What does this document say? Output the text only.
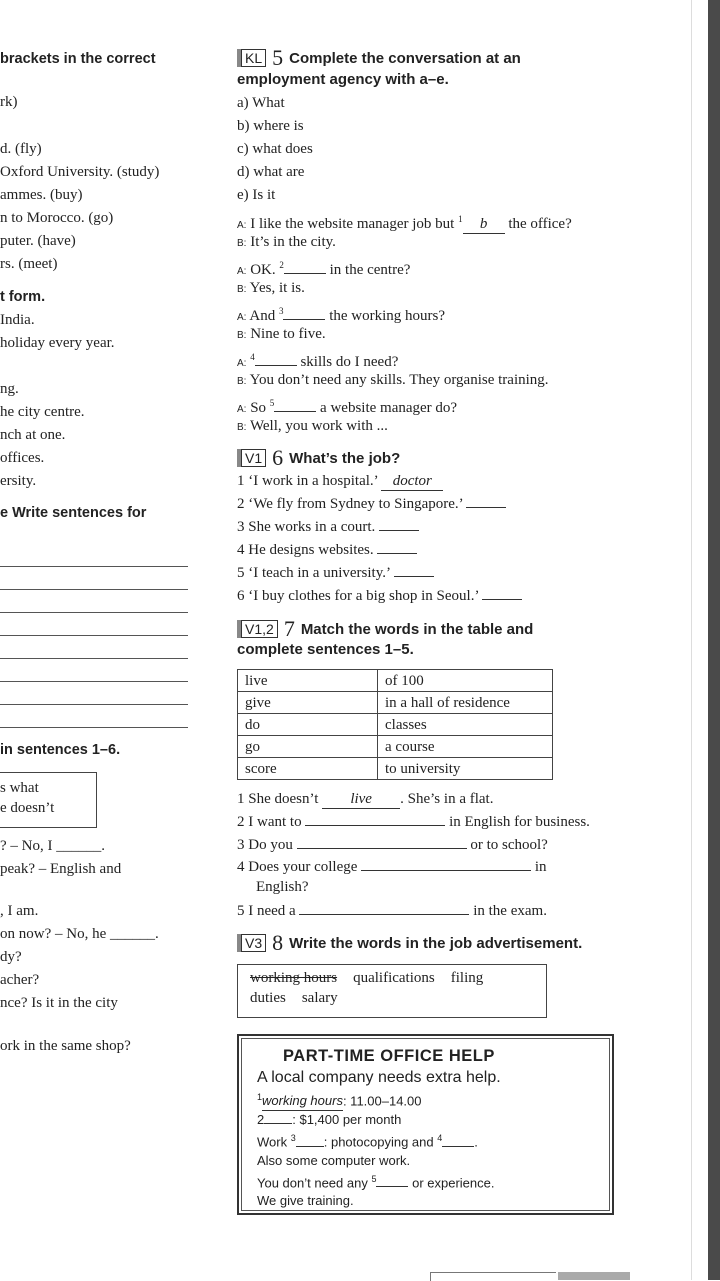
brackets in the correct
rk)
d. (fly)
Oxford University. (study)
ammes. (buy)
n to Morocco. (go)
puter. (have)
rs. (meet)
t form.
India.
holiday every year.
ng.
he city centre.
nch at one.
offices.
ersity.
e Write sentences for
in sentences 1–6.
s what
e doesn’t
? – No, I ______.
peak? – English and
, I am.
on now? – No, he ______.
dy?
acher?
nce? Is it in the city
ork in the same shop?
KL 5 Complete the conversation at an
employment agency with a–e.
a) What
b) where is
c) what does
d) what are
e) Is it
A: I like the website manager job but $^1$ b the office?
B: It’s in the city.
A: OK. $^2$	in the centre?
B: Yes, it is.
A: And $^3$	the working hours?
B: Nine to five.
A: $^4$	skills do I need?
B: You don’t need any skills. They organise training.
A: So $^5$	a website manager do?
B: Well, you work with ...
V1 6 What’s the job?
1 ‘I work in a hospital.’ doctor
2 ‘We fly from Sydney to Singapore.’
3 She works in a court.
4 He designs websites.
5 ‘I teach in a university.’
6 ‘I buy clothes for a big shop in Seoul.’
V1,2 7 Match the words in the table and
complete sentences 1–5.
live	of 100
give	in a hall of residence
do	classes
go	a course
score	to university
1 She doesn’t live . She’s in a flat.
2 I want to	in English for business.
3 Do you	or to school?
4 Does your college	in
English?
5 I need a	in the exam.
V3 8 Write the words in the job advertisement.
working hours qualifications filing
duties salary
PART-TIME OFFICE HELP
A local company needs extra help.
$^1$working hours: 11.00–14.00
2 : $1,400 per month
Work $^3$ : photocopying and $^4$ .
Also some computer work.
You don’t need any $^5$ or experience.
We give training.
